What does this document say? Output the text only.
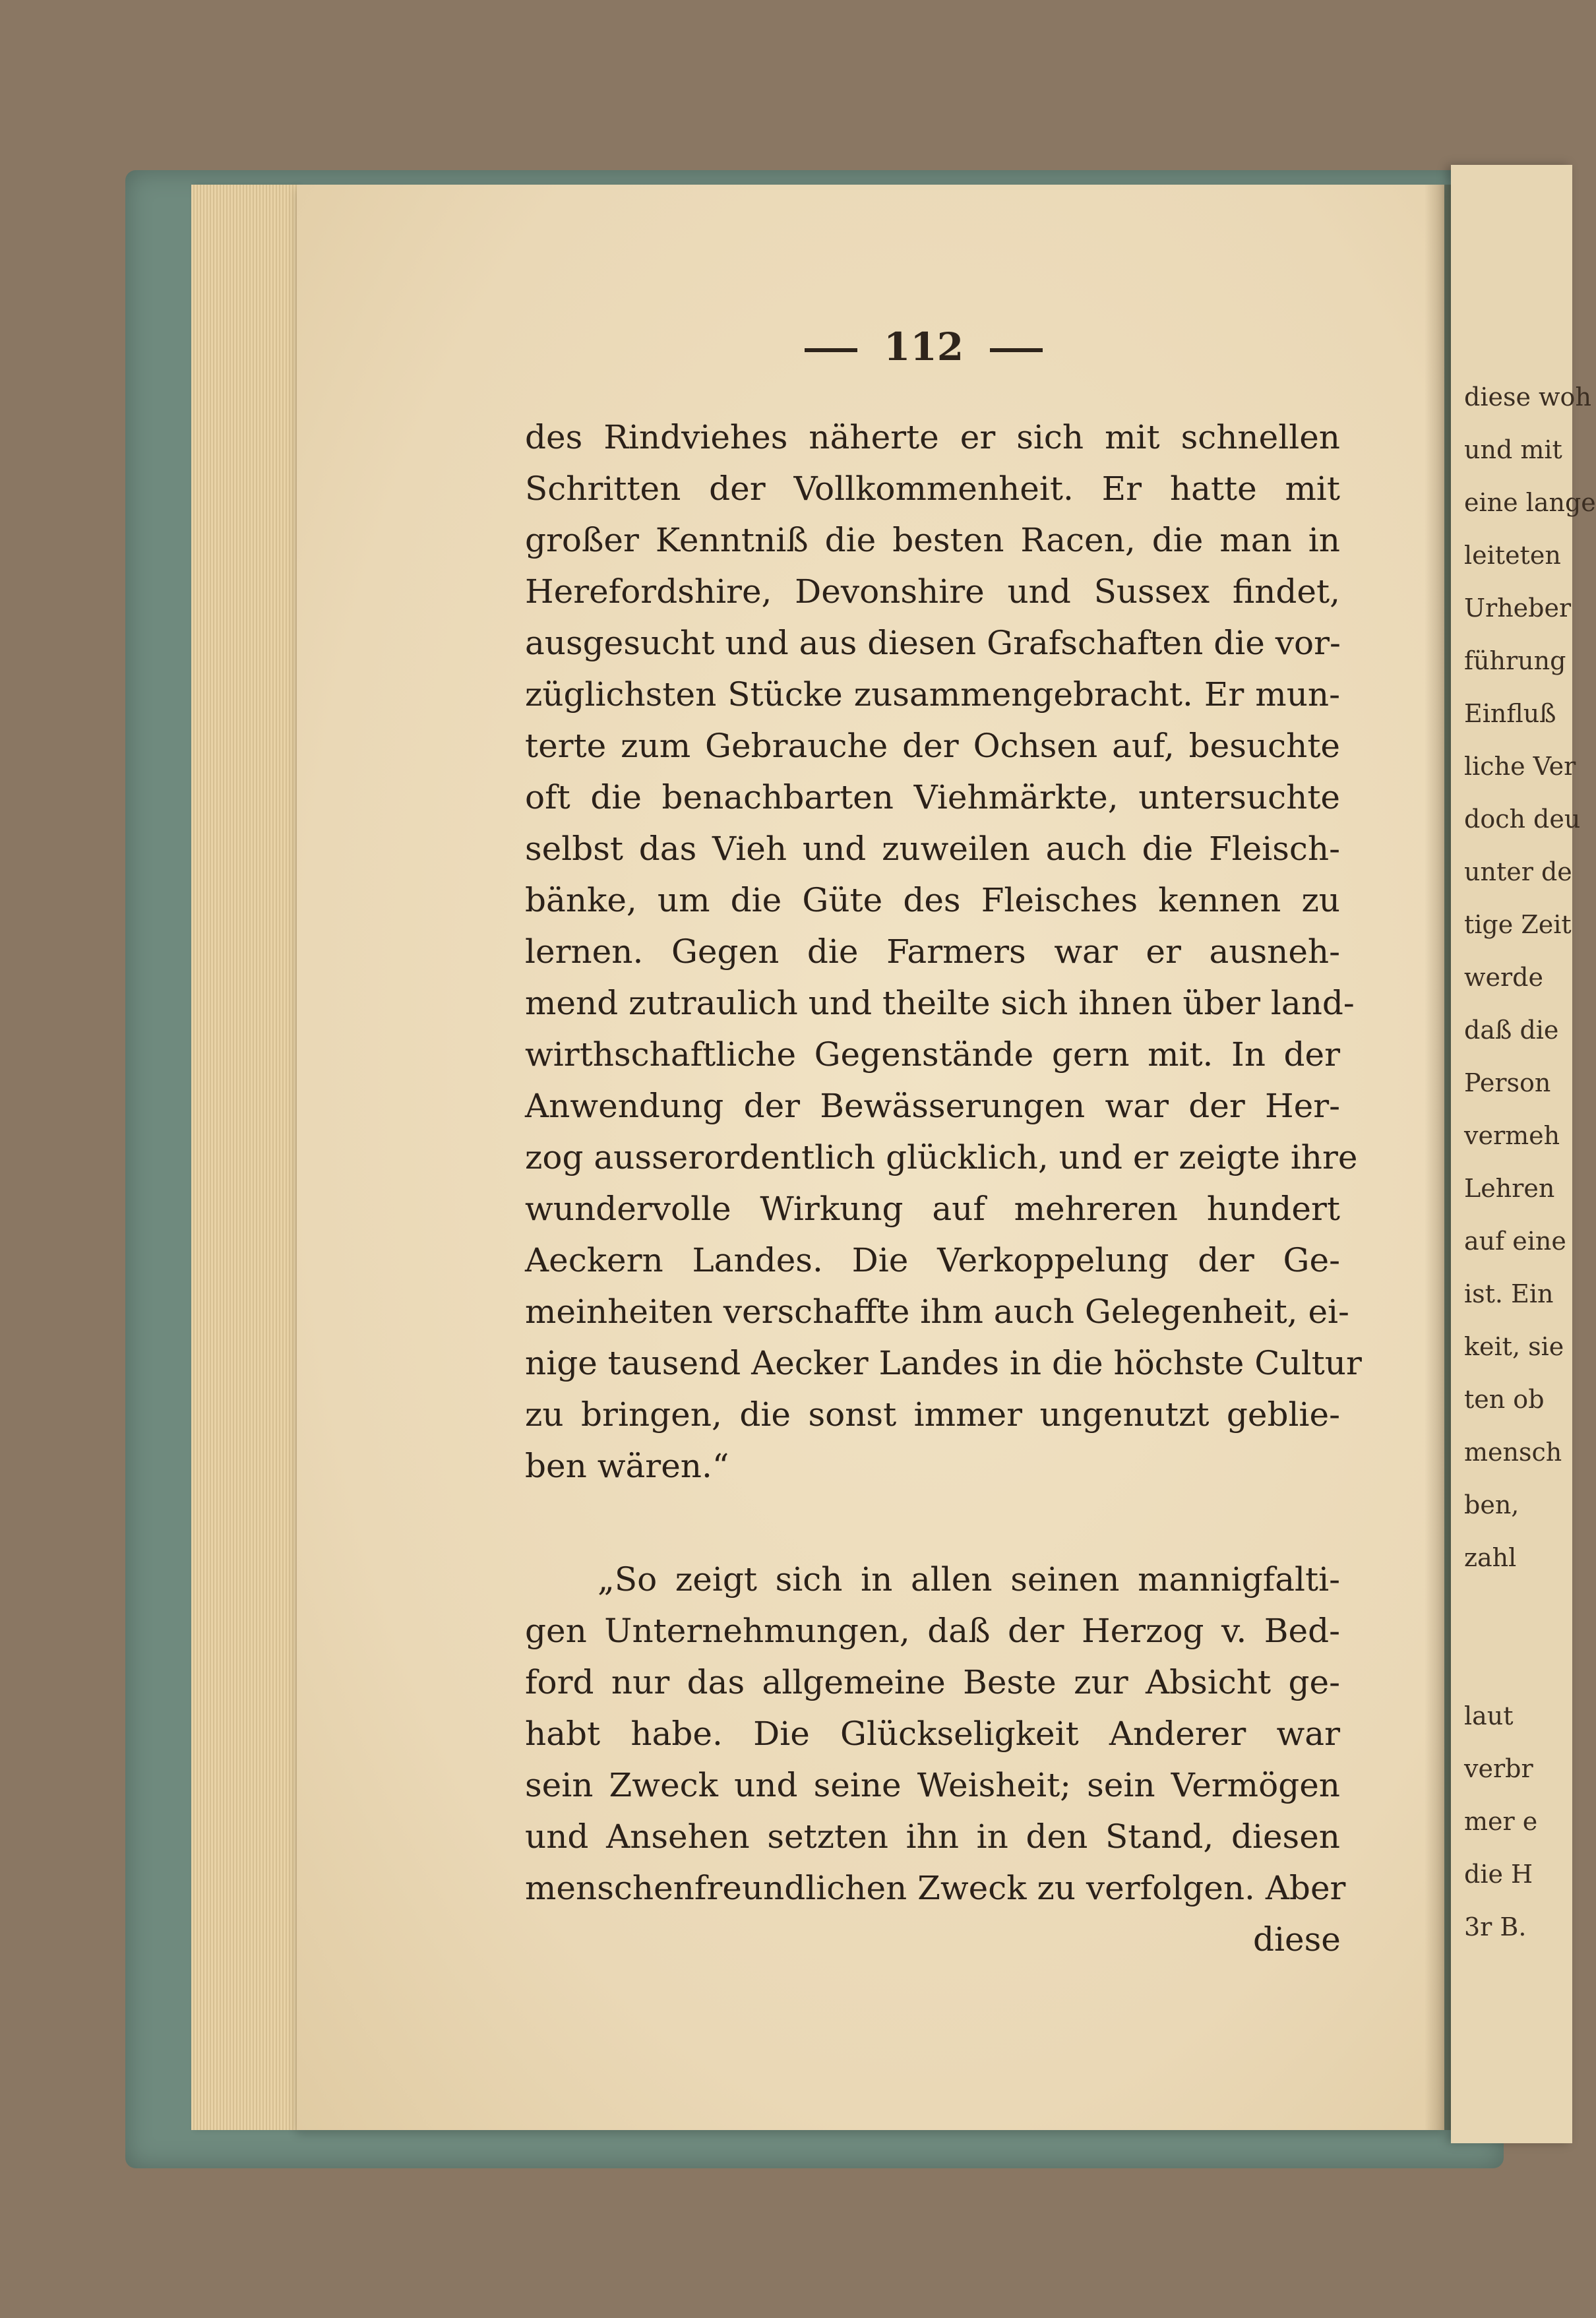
diese woh
und mit
eine lange
leiteten
Urheber
führung
Einfluß
liche Ver
doch deu
unter de
tige Zeit
werde
daß die
Person
vermeh
Lehren
auf eine
ist. Ein
keit, sie
ten ob
mensch
ben,
zahl
laut
verbr
mer e
die H
3r B.
112
des Rindviehes näherte er sich mit schnellen
Schritten der Vollkommenheit. Er hatte mit
großer Kenntniß die besten Racen, die man in
Herefordshire, Devonshire und Sussex findet,
ausgesucht und aus diesen Grafschaften die vor-
züglichsten Stücke zusammengebracht. Er mun-
terte zum Gebrauche der Ochsen auf, besuchte
oft die benachbarten Viehmärkte, untersuchte
selbst das Vieh und zuweilen auch die Fleisch-
bänke, um die Güte des Fleisches kennen zu
lernen. Gegen die Farmers war er ausneh-
mend zutraulich und theilte sich ihnen über land-
wirthschaftliche Gegenstände gern mit. In der
Anwendung der Bewässerungen war der Her-
zog ausserordentlich glücklich, und er zeigte ihre
wundervolle Wirkung auf mehreren hundert
Aeckern Landes. Die Verkoppelung der Ge-
meinheiten verschaffte ihm auch Gelegenheit, ei-
nige tausend Aecker Landes in die höchste Cultur
zu bringen, die sonst immer ungenutzt geblie-
ben wären.“
„So zeigt sich in allen seinen mannigfalti-
gen Unternehmungen, daß der Herzog v. Bed-
ford nur das allgemeine Beste zur Absicht ge-
habt habe. Die Glückseligkeit Anderer war
sein Zweck und seine Weisheit; sein Vermögen
und Ansehen setzten ihn in den Stand, diesen
menschenfreundlichen Zweck zu verfolgen. Aber
diese
